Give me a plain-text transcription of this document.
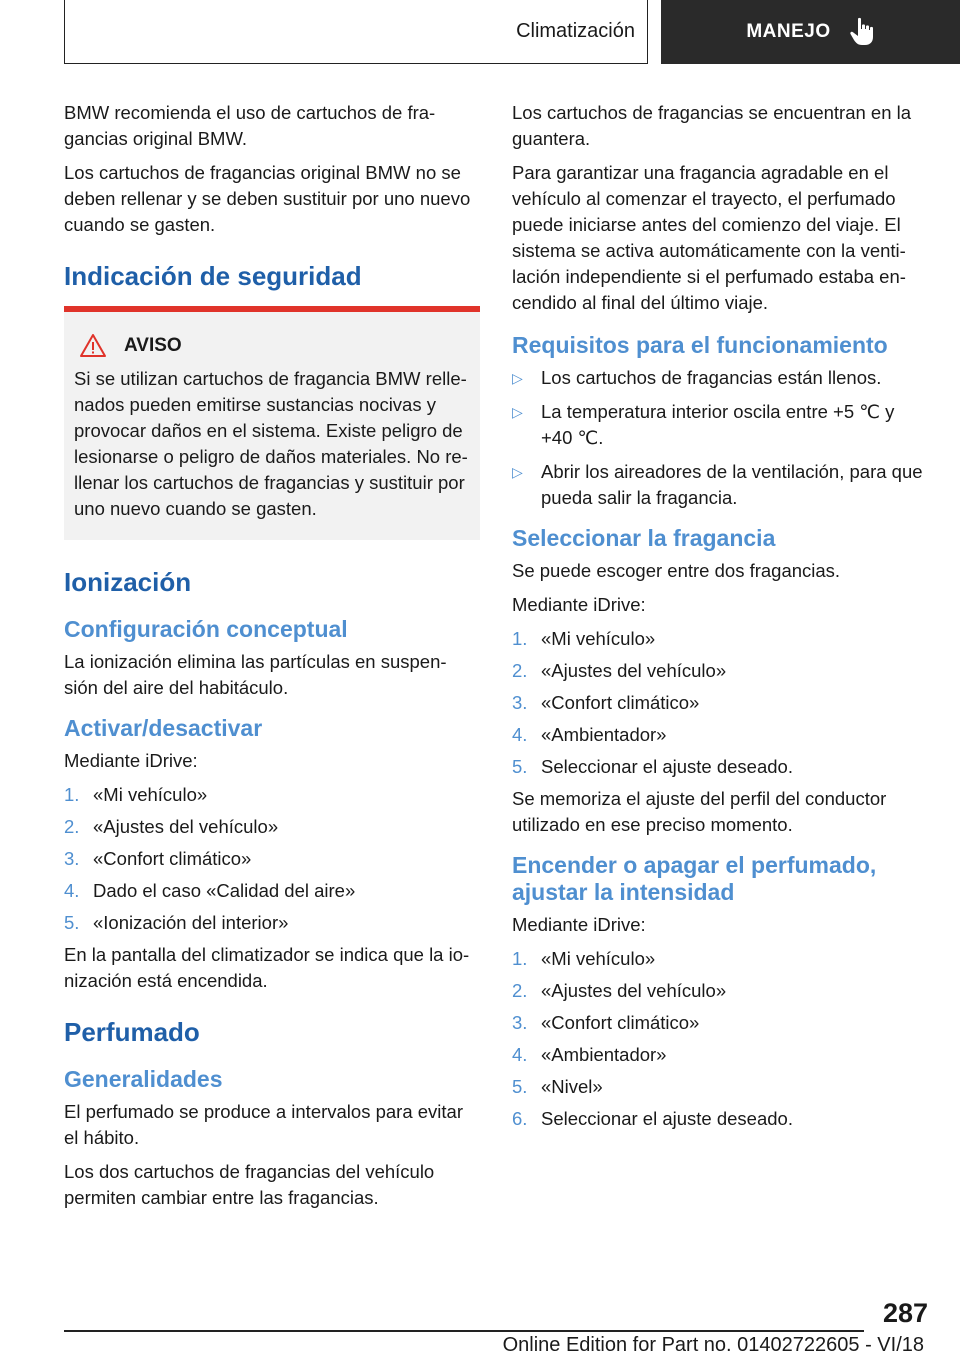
Climatización	MANEJO

BMW recomienda el uso de cartuchos de fra-gancias original BMW.

Los cartuchos de fragancias original BMW no se deben rellenar y se deben sustituir por uno nuevo cuando se gasten.

Indicación de seguridad
AVISO

Si se utilizan cartuchos de fragancia BMW relle-nados pueden emitirse sustancias nocivas y provocar daños en el sistema. Existe peligro de lesionarse o peligro de daños materiales. No re-llenar los cartuchos de fragancias y sustituir por uno nuevo cuando se gasten.

Ionización
Configuración conceptual

La ionización elimina las partículas en suspen-sión del aire del habitáculo.

Activar/desactivar

Mediante iDrive:

1. «Mi vehículo»
2. «Ajustes del vehículo»
3. «Confort climático»
4. Dado el caso «Calidad del aire»
5. «Ionización del interior»

En la pantalla del climatizador se indica que la io-nización está encendida.

Perfumado
Generalidades

El perfumado se produce a intervalos para evitar el hábito.

Los dos cartuchos de fragancias del vehículo permiten cambiar entre las fragancias.

Los cartuchos de fragancias se encuentran en la guantera.

Para garantizar una fragancia agradable en el vehículo al comenzar el trayecto, el perfumado puede iniciarse antes del comienzo del viaje. El sistema se activa automáticamente con la venti-lación independiente si el perfumado estaba en-cendido al final del último viaje.

Requisitos para el funcionamiento
▷ Los cartuchos de fragancias están llenos.
▷ La temperatura interior oscila entre +5 ℃ y +40 ℃.
▷ Abrir los aireadores de la ventilación, para que pueda salir la fragancia.
Seleccionar la fragancia

Se puede escoger entre dos fragancias.

Mediante iDrive:

1. «Mi vehículo»
2. «Ajustes del vehículo»
3. «Confort climático»
4. «Ambientador»
5. Seleccionar el ajuste deseado.

Se memoriza el ajuste del perfil del conductor utilizado en ese preciso momento.

Encender o apagar el perfumado, ajustar la intensidad

Mediante iDrive:

1. «Mi vehículo»
2. «Ajustes del vehículo»
3. «Confort climático»
4. «Ambientador»
5. «Nivel»
6. Seleccionar el ajuste deseado.
287
Online Edition for Part no. 01402722605 - VI/18
